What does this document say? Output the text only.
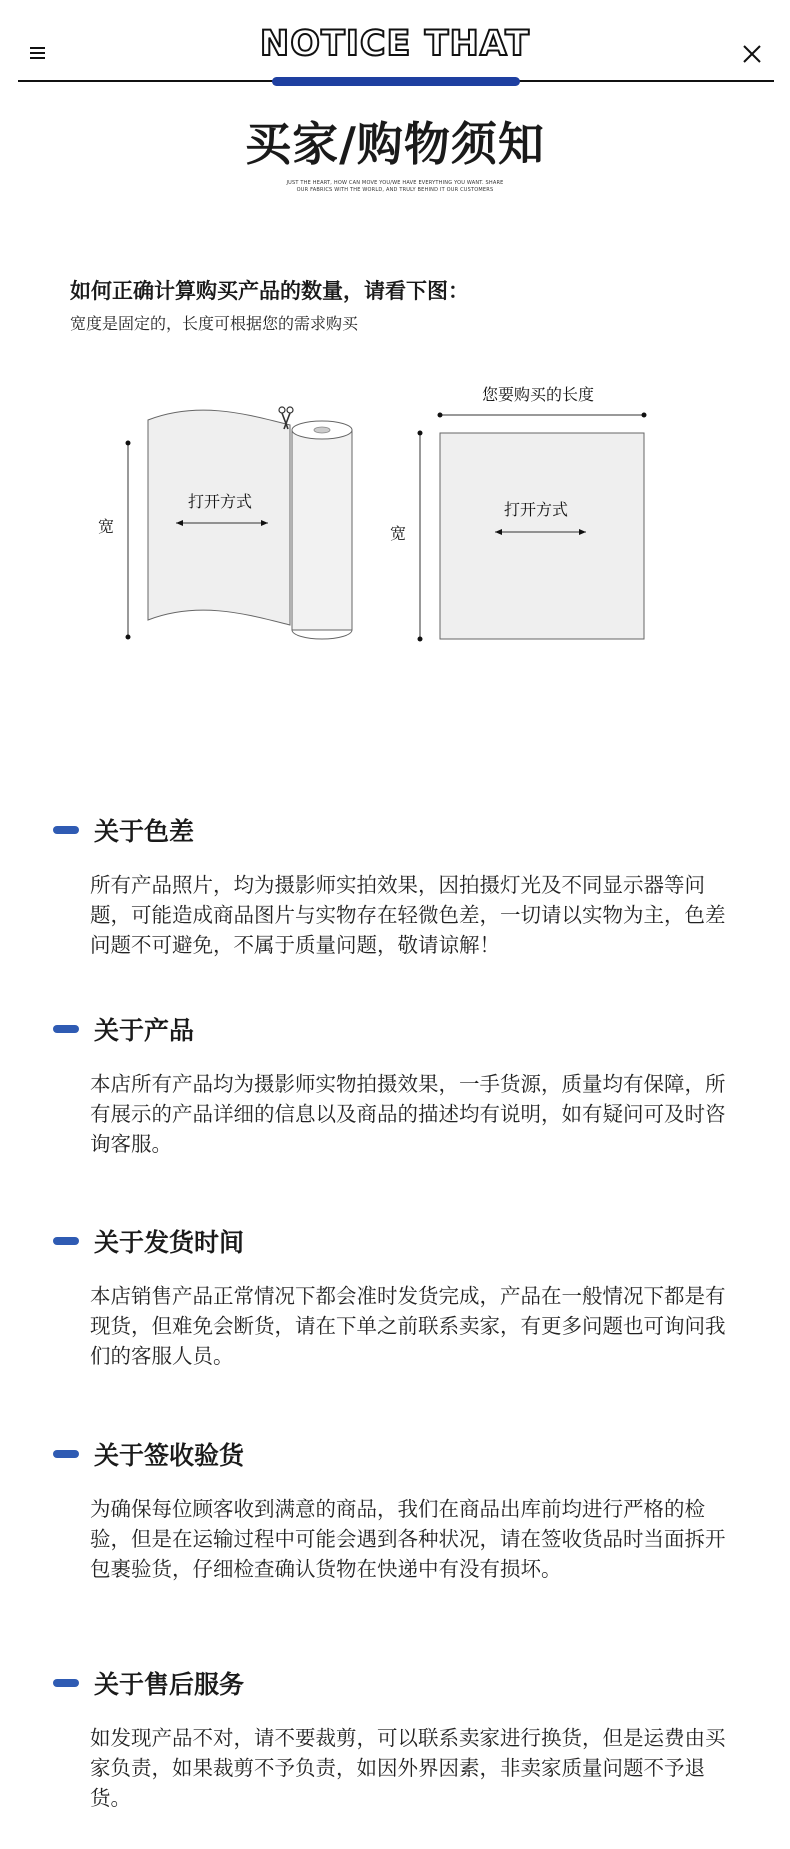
NOTICE THAT
买家/购物须知
JUST THE HEART, HOW CAN MOVE YOU/WE HAVE EVERYTHING YOU WANT. SHARE OUR FABRICS WITH THE WORLD, AND TRULY BEHIND IT OUR CUSTOMERS
如何正确计算购买产品的数量，请看下图：
宽度是固定的，长度可根据您的需求购买
宽
打开方式
您要购买的长度
宽
打开方式
关于色差
所有产品照片，均为摄影师实拍效果，因拍摄灯光及不同显示器等问题，可能造成商品图片与实物存在轻微色差，一切请以实物为主，色差问题不可避免，不属于质量问题，敬请谅解！
关于产品
本店所有产品均为摄影师实物拍摄效果，一手货源，质量均有保障，所有展示的产品详细的信息以及商品的描述均有说明，如有疑问可及时咨询客服。
关于发货时间
本店销售产品正常情况下都会准时发货完成，产品在一般情况下都是有现货，但难免会断货，请在下单之前联系卖家，有更多问题也可询问我们的客服人员。
关于签收验货
为确保每位顾客收到满意的商品，我们在商品出库前均进行严格的检验，但是在运输过程中可能会遇到各种状况，请在签收货品时当面拆开包裹验货，仔细检查确认货物在快递中有没有损坏。
关于售后服务
如发现产品不对，请不要裁剪，可以联系卖家进行换货，但是运费由买家负责，如果裁剪不予负责，如因外界因素，非卖家质量问题不予退货。
